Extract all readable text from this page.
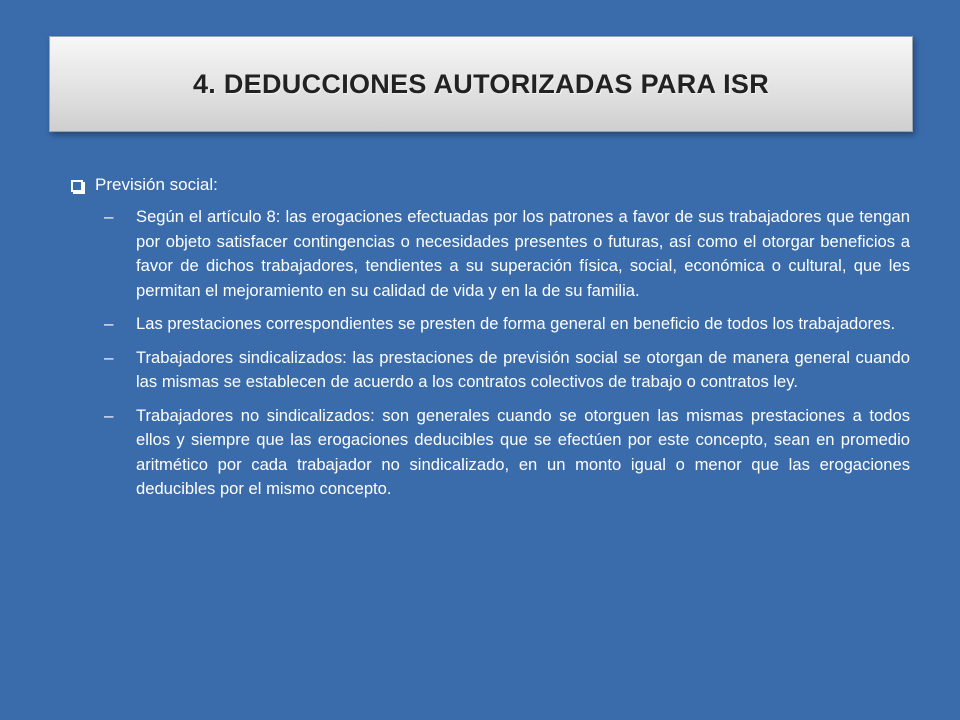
4. DEDUCCIONES AUTORIZADAS PARA ISR
Previsión social:
–	Según el artículo 8: las erogaciones efectuadas por los patrones a favor de sus trabajadores que tengan por objeto satisfacer contingencias o necesidades presentes o futuras, así como el otorgar beneficios a favor de dichos trabajadores, tendientes a su superación física, social, económica o cultural, que les permitan el mejoramiento en su calidad de vida y en la de su familia.
–	Las prestaciones correspondientes se presten de forma general en beneficio de todos los trabajadores.
–	Trabajadores sindicalizados: las prestaciones de previsión social se otorgan de manera general cuando las mismas se establecen de acuerdo a los contratos colectivos de trabajo o contratos ley.
–	Trabajadores no sindicalizados: son generales cuando se otorguen las mismas prestaciones a todos ellos y siempre que las erogaciones deducibles que se efectúen por este concepto, sean en promedio aritmético por cada trabajador no sindicalizado, en un monto igual o menor que las erogaciones deducibles por el mismo concepto.
